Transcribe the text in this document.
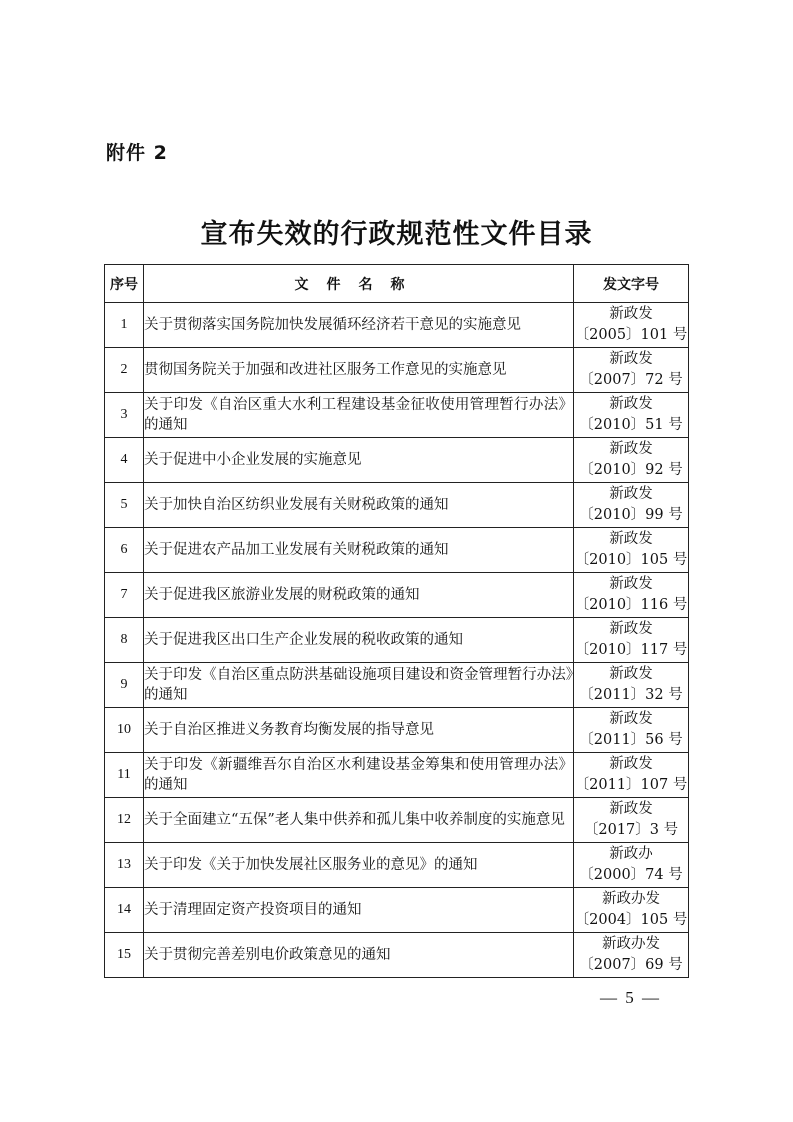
附件 2
宣布失效的行政规范性文件目录
序号	文件名称	发文字号
1	关于贯彻落实国务院加快发展循环经济若干意见的实施意见	新政发
〔2005〕101 号

2	贯彻国务院关于加强和改进社区服务工作意见的实施意见	新政发
〔2007〕72 号

3	关于印发《自治区重大水利工程建设基金征收使用管理暂行办法》的通知	新政发
〔2010〕51 号

4	关于促进中小企业发展的实施意见	新政发
〔2010〕92 号

5	关于加快自治区纺织业发展有关财税政策的通知	新政发
〔2010〕99 号

6	关于促进农产品加工业发展有关财税政策的通知	新政发
〔2010〕105 号

7	关于促进我区旅游业发展的财税政策的通知	新政发
〔2010〕116 号

8	关于促进我区出口生产企业发展的税收政策的通知	新政发
〔2010〕117 号

9	关于印发《自治区重点防洪基础设施项目建设和资金管理暂行办法》的通知	新政发
〔2011〕32 号

10	关于自治区推进义务教育均衡发展的指导意见	新政发
〔2011〕56 号

11	关于印发《新疆维吾尔自治区水利建设基金筹集和使用管理办法》的通知	新政发
〔2011〕107 号

12	关于全面建立“五保”老人集中供养和孤儿集中收养制度的实施意见	新政发
〔2017〕3 号

13	关于印发《关于加快发展社区服务业的意见》的通知	新政办
〔2000〕74 号

14	关于清理固定资产投资项目的通知	新政办发
〔2004〕105 号

15	关于贯彻完善差别电价政策意见的通知	新政办发
〔2007〕69 号
— 5 —
